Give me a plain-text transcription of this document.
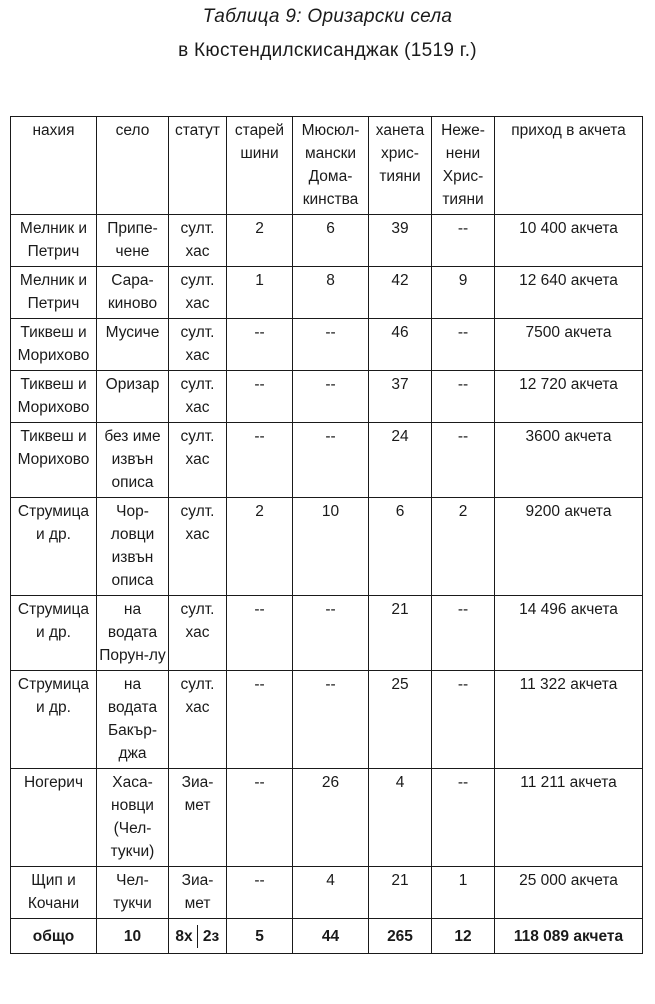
Таблица 9: Оризарски села
в Кюстендилскисанджак (1519 г.)
нахия	село	статут	старей шини	Мюсюл-мански Дома-кинства	ханета хрис-тияни	Неже-нени Хрис-тияни	приход в акчета
Мелник и Петрич	Припе-чене	султ. хас	2	6	39	--	10 400 акчета
Мелник и Петрич	Сара-киново	султ. хас	1	8	42	9	12 640 акчета
Тиквеш и Морихово	Мусиче	султ. хас	--	--	46	--	7500 акчета
Тиквеш и Морихово	Оризар	султ. хас	--	--	37	--	12 720 акчета
Тиквеш и Морихово	без име извън описа	султ. хас	--	--	24	--	3600 акчета
Струмица и др.	Чор-ловци извън описа	султ. хас	2	10	6	2	9200 акчета
Струмица и др.	на водата Порун-лу	султ. хас	--	--	21	--	14 496 акчета
Струмица и др.	на водата Бакър-джа	султ. хас	--	--	25	--	11 322 акчета
Ногерич	Хаса-новци (Чел-тукчи)	Зиа-мет	--	26	4	--	11 211 акчета
Щип и Кочани	Чел-тукчи	Зиа-мет	--	4	21	1	25 000 акчета
общо	10	8х 2з	5	44	265	12	118 089 акчета
